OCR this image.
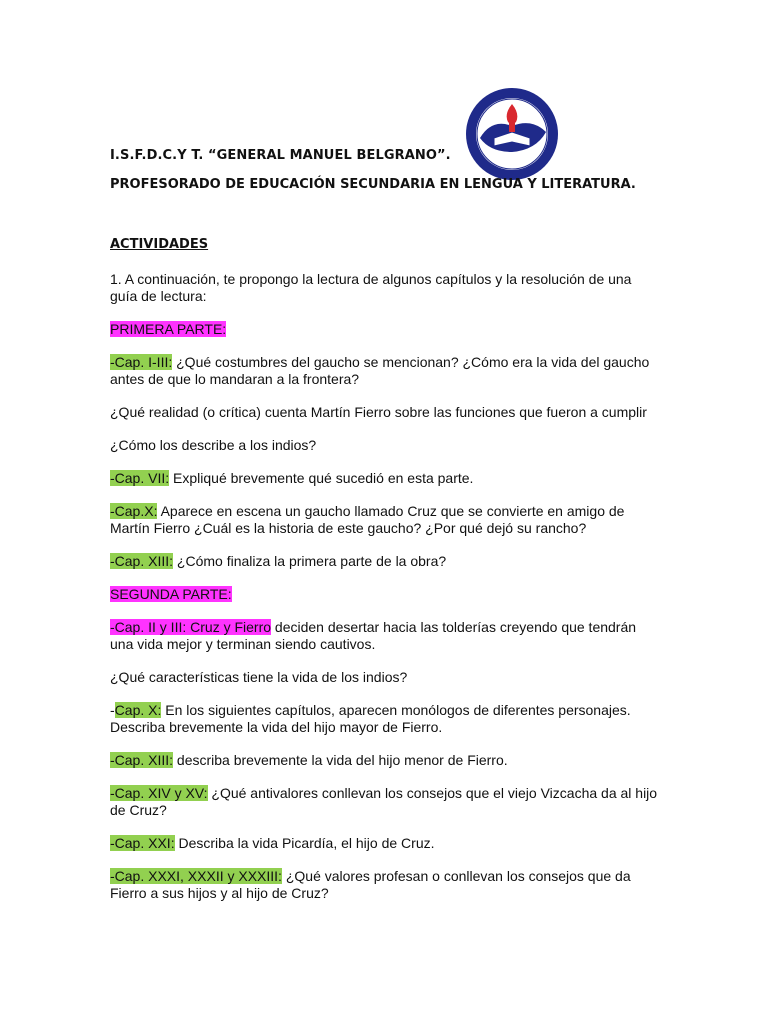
I.S.F.D.C.Y T. “GENERAL MANUEL BELGRANO”.
PROFESORADO DE EDUCACIÓN SECUNDARIA EN LENGUA Y LITERATURA.
ACTIVIDADES

1. A continuación, te propongo la lectura de algunos capítulos y la resolución de una guía de lectura:

PRIMERA PARTE:

-Cap. I-III: ¿Qué costumbres del gaucho se mencionan? ¿Cómo era la vida del gaucho antes de que lo mandaran a la frontera?

¿Qué realidad (o crítica) cuenta Martín Fierro sobre las funciones que fueron a cumplir

¿Cómo los describe a los indios?

-Cap. VII: Expliqué brevemente qué sucedió en esta parte.

-Cap.X: Aparece en escena un gaucho llamado Cruz que se convierte en amigo de Martín Fierro ¿Cuál es la historia de este gaucho? ¿Por qué dejó su rancho?

-Cap. XIII: ¿Cómo finaliza la primera parte de la obra?

SEGUNDA PARTE:

-Cap. II y III: Cruz y Fierro deciden desertar hacia las tolderías creyendo que tendrán una vida mejor y terminan siendo cautivos.

¿Qué características tiene la vida de los indios?

-Cap. X: En los siguientes capítulos, aparecen monólogos de diferentes personajes. Describa brevemente la vida del hijo mayor de Fierro.

-Cap. XIII: describa brevemente la vida del hijo menor de Fierro.

-Cap. XIV y XV: ¿Qué antivalores conllevan los consejos que el viejo Vizcacha da al hijo de Cruz?

-Cap. XXI: Describa la vida Picardía, el hijo de Cruz.

-Cap. XXXI, XXXII y XXXIII: ¿Qué valores profesan o conllevan los consejos que da Fierro a sus hijos y al hijo de Cruz?
